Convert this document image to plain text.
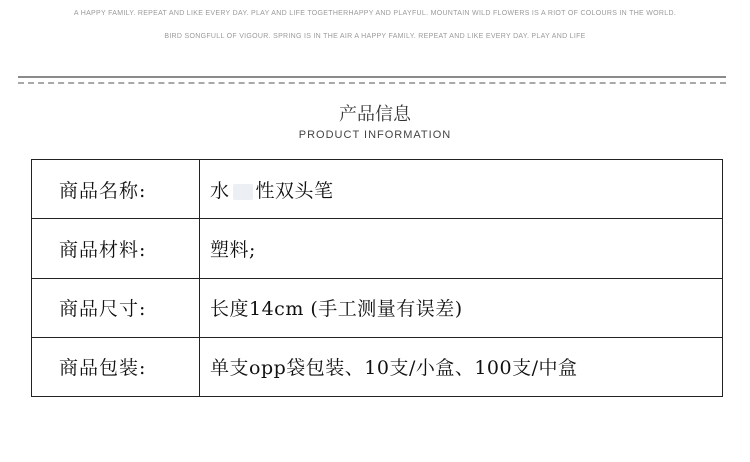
A HAPPY FAMILY. REPEAT AND LIKE EVERY DAY. PLAY AND LIFE TOGETHERHAPPY AND PLAYFUL. MOUNTAIN WILD FLOWERS IS A RIOT OF COLOURS IN THE WORLD.
BIRD SONGFULL OF VIGOUR. SPRING IS IN THE AIR A HAPPY FAMILY. REPEAT AND LIKE EVERY DAY. PLAY AND LIFE
产品信息
PRODUCT INFORMATION
商品名称:	水 性双头笔
商品材料:	塑料;
商品尺寸:	长度14cm (手工测量有误差)
商品包装:	单支opp袋包装、10支/小盒、100支/中盒
